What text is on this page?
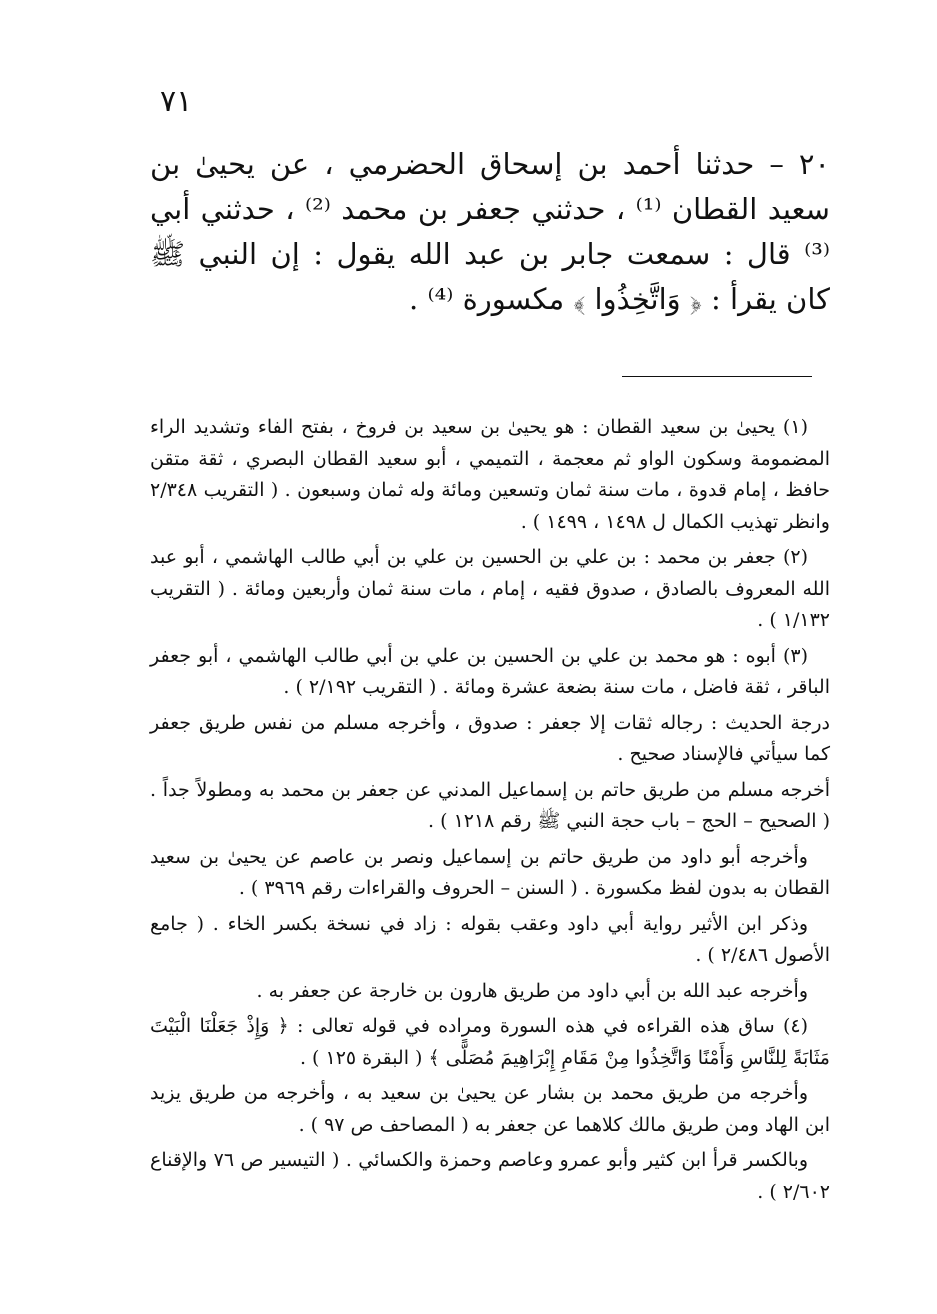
٧١

٢٠ – حدثنا أحمد بن إسحاق الحضرمي ، عن يحيىٰ بن سعيد القطان ⁽¹⁾ ، حدثني جعفر بن محمد ⁽²⁾ ، حدثني أبي ⁽³⁾ قال : سمعت جابر بن عبد الله يقول : إن النبي ﷺ كان يقرأ : ﴿ وَاتَّخِذُوا ﴾ مكسورة ⁽⁴⁾ .

(١) يحيىٰ بن سعيد القطان : هو يحيىٰ بن سعيد بن فروخ ، بفتح الفاء وتشديد الراء المضمومة وسكون الواو ثم معجمة ، التميمي ، أبو سعيد القطان البصري ، ثقة متقن حافظ ، إمام قدوة ، مات سنة ثمان وتسعين ومائة وله ثمان وسبعون . ( التقريب ٢/٣٤٨ وانظر تهذيب الكمال ل ١٤٩٨ ، ١٤٩٩ ) .

(٢) جعفر بن محمد : بن علي بن الحسين بن علي بن أبي طالب الهاشمي ، أبو عبد الله المعروف بالصادق ، صدوق فقيه ، إمام ، مات سنة ثمان وأربعين ومائة . ( التقريب ١/١٣٢ ) .

(٣) أبوه : هو محمد بن علي بن الحسين بن علي بن أبي طالب الهاشمي ، أبو جعفر الباقر ، ثقة فاضل ، مات سنة بضعة عشرة ومائة . ( التقريب ٢/١٩٢ ) .

درجة الحديث : رجاله ثقات إلا جعفر : صدوق ، وأخرجه مسلم من نفس طريق جعفر كما سيأتي فالإسناد صحيح .

أخرجه مسلم من طريق حاتم بن إسماعيل المدني عن جعفر بن محمد به ومطولاً جداً . ( الصحيح – الحج – باب حجة النبي ﷺ رقم ١٢١٨ ) .

وأخرجه أبو داود من طريق حاتم بن إسماعيل ونصر بن عاصم عن يحيىٰ بن سعيد القطان به بدون لفظ مكسورة . ( السنن – الحروف والقراءات رقم ٣٩٦٩ ) .

وذكر ابن الأثير رواية أبي داود وعقب بقوله : زاد في نسخة بكسر الخاء . ( جامع الأصول ٢/٤٨٦ ) .

وأخرجه عبد الله بن أبي داود من طريق هارون بن خارجة عن جعفر به .

(٤) ساق هذه القراءه في هذه السورة ومراده في قوله تعالى : ﴿ وَإِذْ جَعَلْنَا الْبَيْتَ مَثَابَةً لِلنَّاسِ وَأَمْنًا وَاتَّخِذُوا مِنْ مَقَامِ إِبْرَاهِيمَ مُصَلًّى ﴾ ( البقرة ١٢٥ ) .

وأخرجه من طريق محمد بن بشار عن يحيىٰ بن سعيد به ، وأخرجه من طريق يزيد ابن الهاد ومن طريق مالك كلاهما عن جعفر به ( المصاحف ص ٩٧ ) .

وبالكسر قرأ ابن كثير وأبو عمرو وعاصم وحمزة والكسائي . ( التيسير ص ٧٦ والإقناع ٢/٦٠٢ ) .
